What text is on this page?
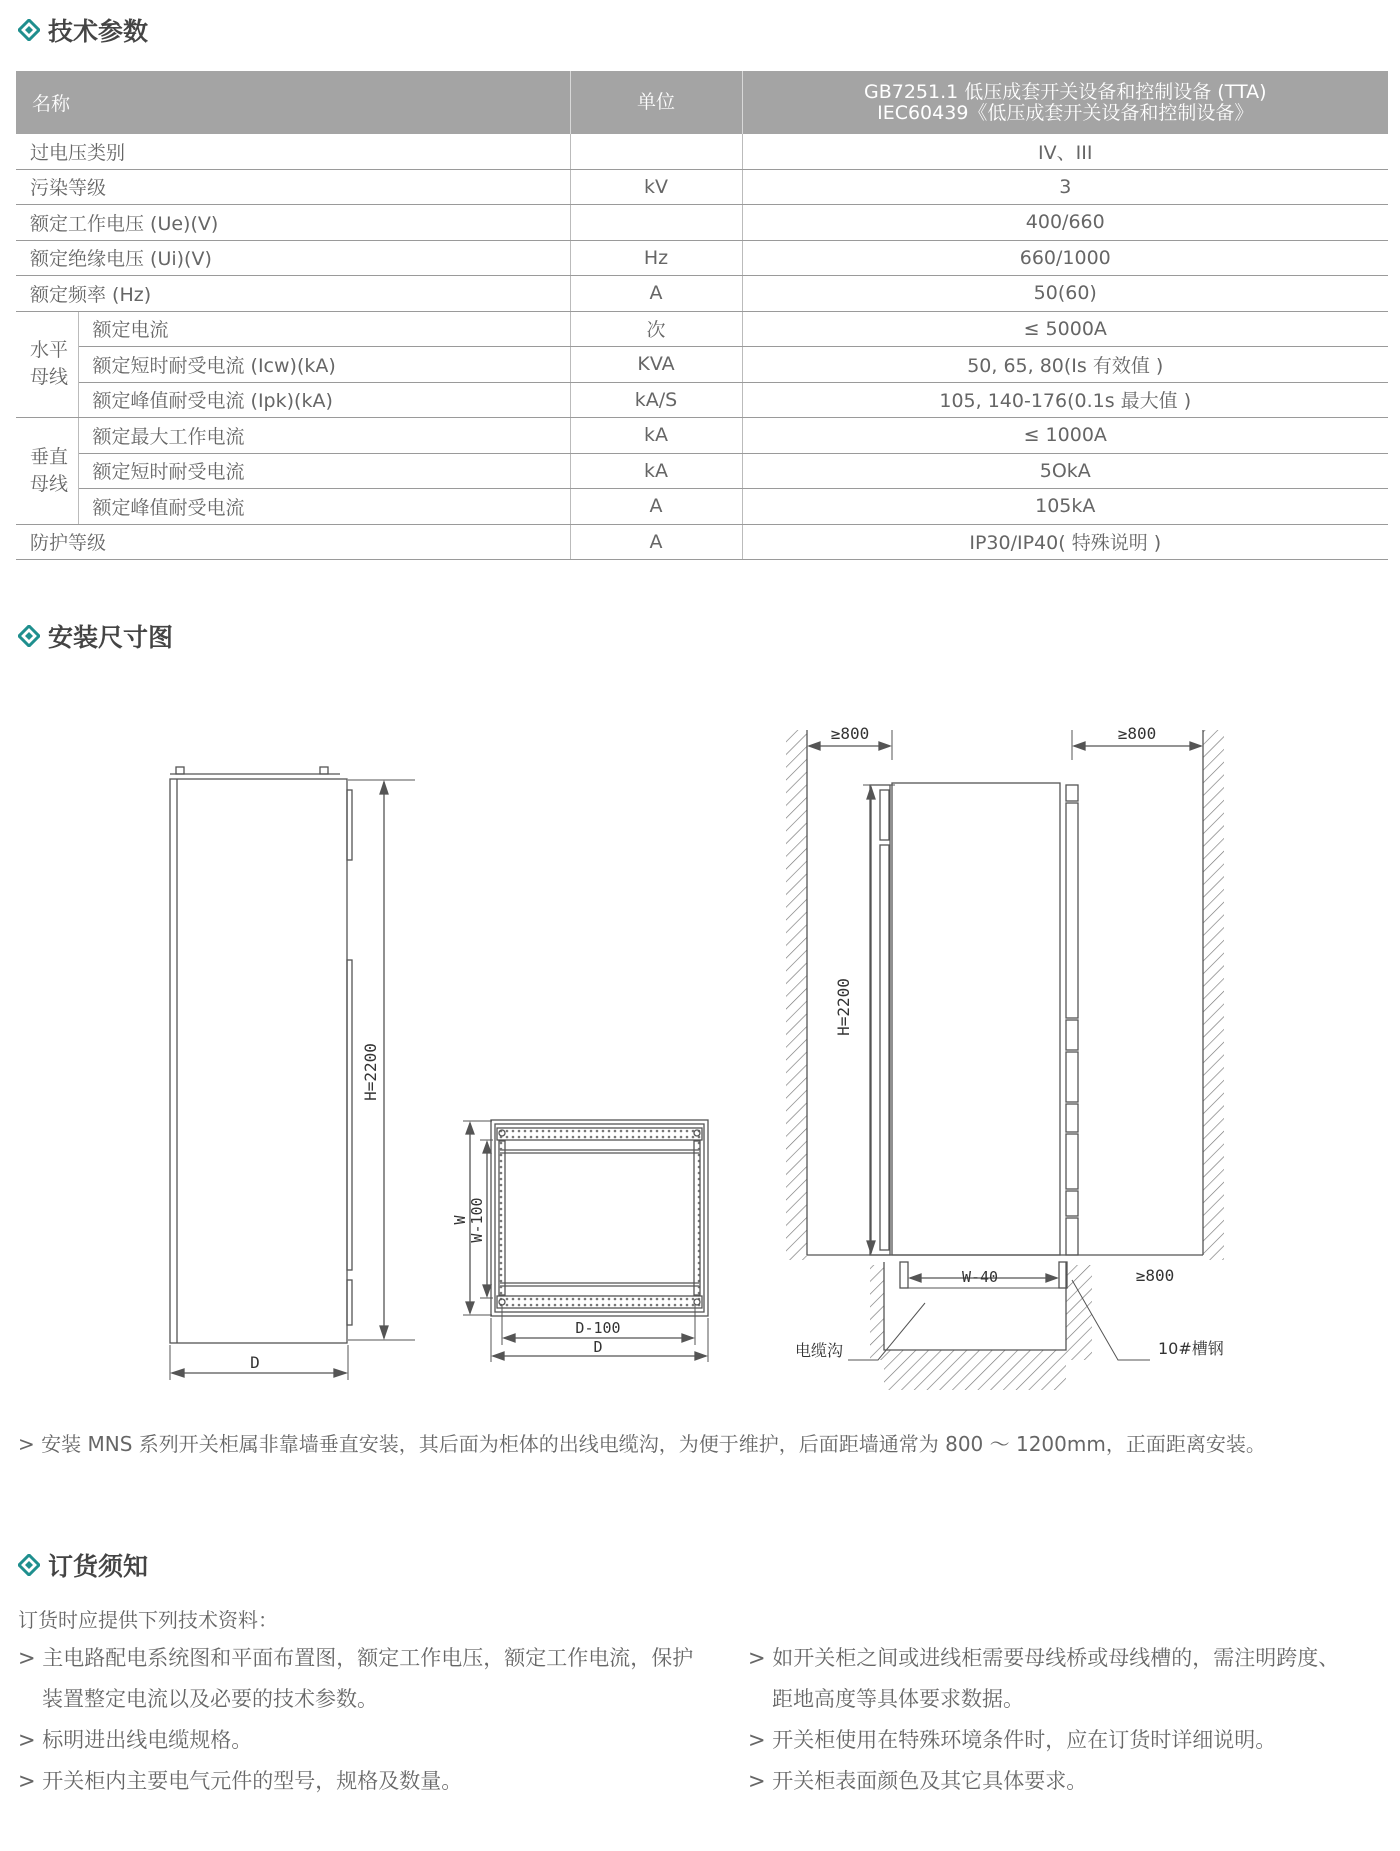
技术参数
名称		单位	GB7251.1 低压成套开关设备和控制设备 (TTA)
IEC60439《低压成套开关设备和控制设备》

过电压类别			IV、III
污染等级		kV	3
额定工作电压 (Ue)(V)			400/660
额定绝缘电压 (Ui)(V)		Hz	660/1000
额定频率 (Hz)		A	50(60)
水平母线	额定电流	次	≤ 5000A
	额定短时耐受电流 (Icw)(kA)	KVA	50, 65, 80(Is 有效值 )
	额定峰值耐受电流 (Ipk)(kA)	kA/S	105, 140-176(0.1s 最大值 )
垂直母线	额定最大工作电流	kA	≤ 1000A
	额定短时耐受电流	kA	5OkA
	额定峰值耐受电流	A	105kA
防护等级		A	IP30/IP40( 特殊说明 )
安装尺寸图
H=2200
D
W W-100
D-100
D
H=2200
≥800	≥800
W-40	≥800
电缆沟	10#槽钢
> 安装 MNS 系列开关柜属非靠墙垂直安装，其后面为柜体的出线电缆沟，为便于维护，后面距墙通常为 800 ～ 1200mm，正面距离安装。
订货须知
订货时应提供下列技术资料：

> 主电路配电系统图和平面布置图，额定工作电压，额定工作电流，保护

装置整定电流以及必要的技术参数。

> 标明进出线电缆规格。

> 开关柜内主要电气元件的型号，规格及数量。

> 如开关柜之间或进线柜需要母线桥或母线槽的，需注明跨度、

距地高度等具体要求数据。

> 开关柜使用在特殊环境条件时，应在订货时详细说明。

> 开关柜表面颜色及其它具体要求。
